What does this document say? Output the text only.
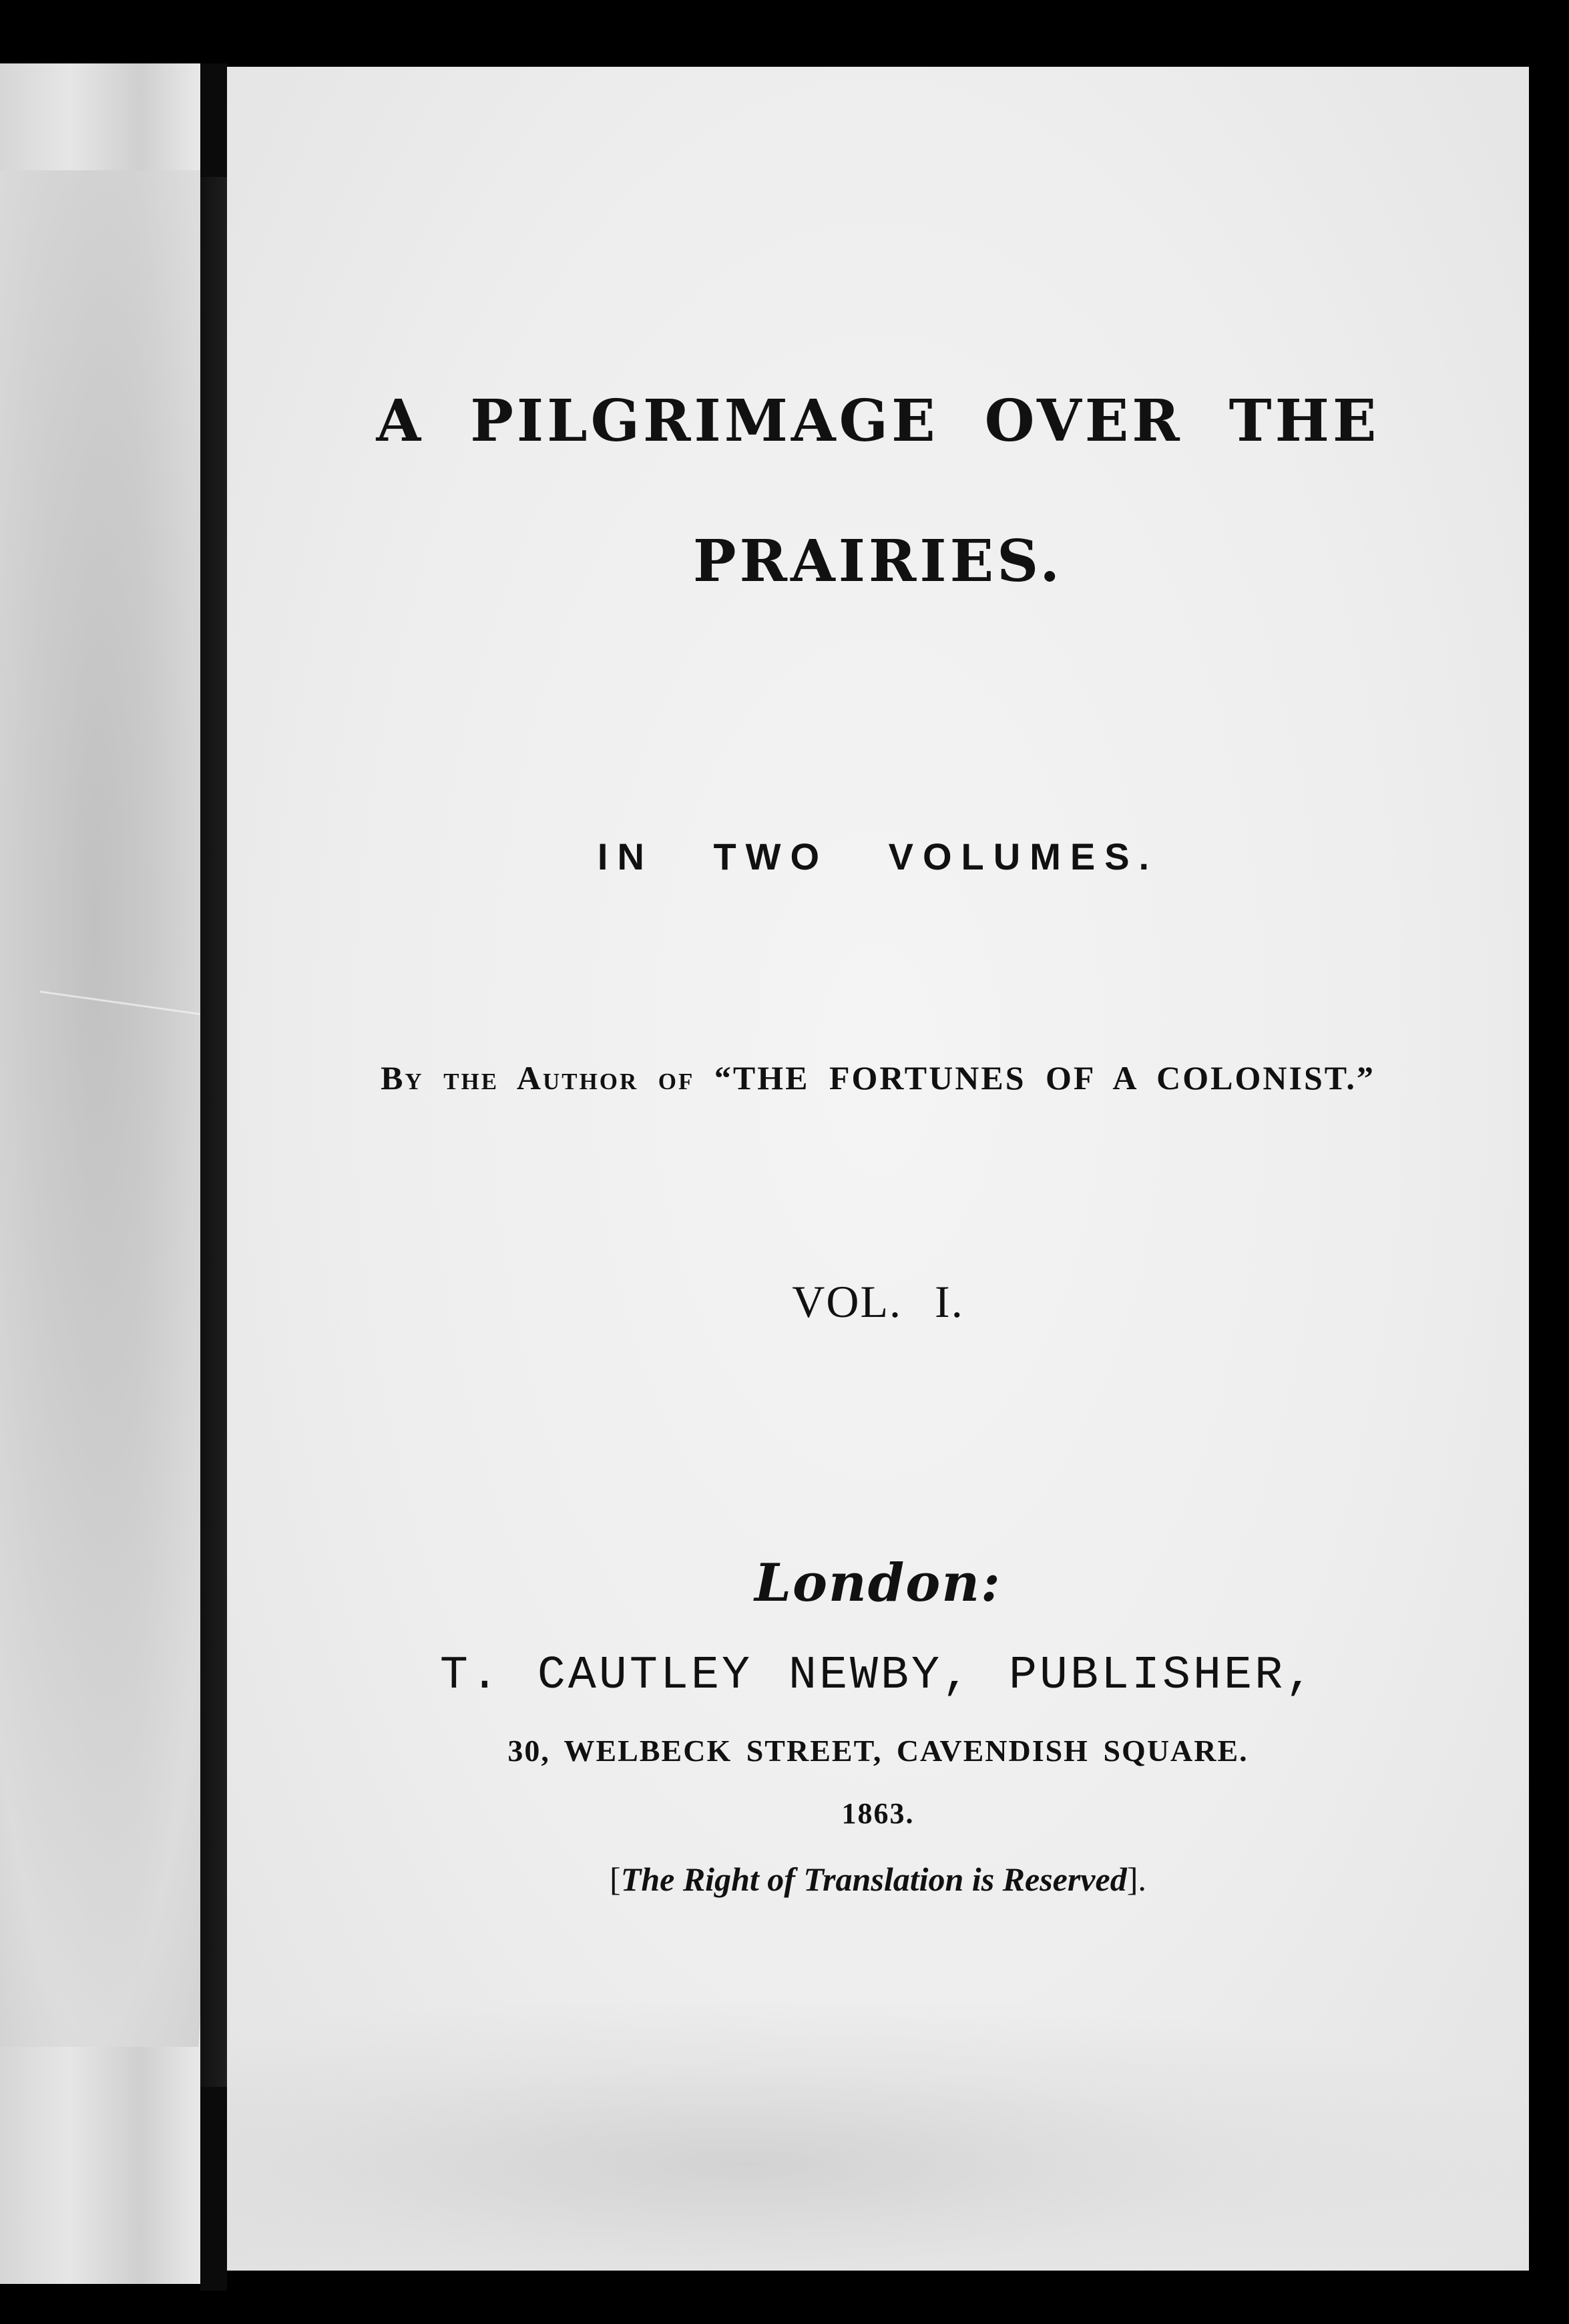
A PILGRIMAGE OVER THE
PRAIRIES.
IN TWO VOLUMES.
By the Author of “THE FORTUNES OF A COLONIST.”
VOL. I.
London:
T. CAUTLEY NEWBY, PUBLISHER,
30, WELBECK STREET, CAVENDISH SQUARE.
1863.
[The Right of Translation is Reserved].
